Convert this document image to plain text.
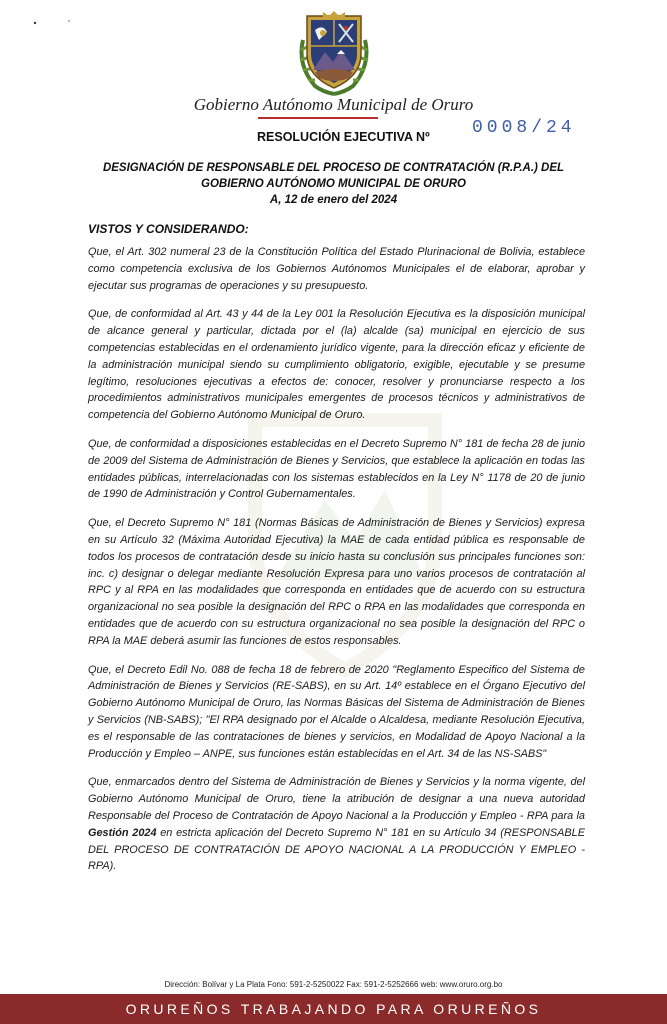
Gobierno Autónomo Municipal de Oruro
RESOLUCIÓN EJECUTIVA Nº 0008/24
DESIGNACIÓN DE RESPONSABLE DEL PROCESO DE CONTRATACIÓN (R.P.A.) DEL
GOBIERNO AUTÓNOMO MUNICIPAL DE ORURO
A, 12 de enero del 2024
VISTOS Y CONSIDERANDO:

Que, el Art. 302 numeral 23 de la Constitución Política del Estado Plurinacional de Bolivia, establece como competencia exclusiva de los Gobiernos Autónomos Municipales el de elaborar, aprobar y ejecutar sus programas de operaciones y su presupuesto.

Que, de conformidad al Art. 43 y 44 de la Ley 001 la Resolución Ejecutiva es la disposición municipal de alcance general y particular, dictada por el (la) alcalde (sa) municipal en ejercicio de sus competencias establecidas en el ordenamiento jurídico vigente, para la dirección eficaz y eficiente de la administración municipal siendo su cumplimiento obligatorio, exigible, ejecutable y se presume legítimo, resoluciones ejecutivas a efectos de: conocer, resolver y pronunciarse respecto a los procedimientos administrativos municipales emergentes de procesos técnicos y administrativos de competencia del Gobierno Autónomo Municipal de Oruro.

Que, de conformidad a disposiciones establecidas en el Decreto Supremo N° 181 de fecha 28 de junio de 2009 del Sistema de Administración de Bienes y Servicios, que establece la aplicación en todas las entidades públicas, interrelacionadas con los sistemas establecidos en la Ley N° 1178 de 20 de junio de 1990 de Administración y Control Gubernamentales.

Que, el Decreto Supremo N° 181 (Normas Básicas de Administración de Bienes y Servicios) expresa en su Artículo 32 (Máxima Autoridad Ejecutiva) la MAE de cada entidad pública es responsable de todos los procesos de contratación desde su inicio hasta su conclusión sus principales funciones son: inc. c) designar o delegar mediante Resolución Expresa para uno varios procesos de contratación al RPC y al RPA en las modalidades que corresponda en entidades que de acuerdo con su estructura organizacional no sea posible la designación del RPC o RPA en las modalidades que corresponda en entidades que de acuerdo con su estructura organizacional no sea posible la designación del RPC o RPA la MAE deberá asumir las funciones de estos responsables.

Que, el Decreto Edil No. 088 de fecha 18 de febrero de 2020 "Reglamento Especifico del Sistema de Administración de Bienes y Servicios (RE-SABS), en su Art. 14º establece en el Órgano Ejecutivo del Gobierno Autónomo Municipal de Oruro, las Normas Básicas del Sistema de Administración de Bienes y Servicios (NB-SABS); "El RPA designado por el Alcalde o Alcaldesa, mediante Resolución Ejecutiva, es el responsable de las contrataciones de bienes y servicios, en Modalidad de Apoyo Nacional a la Producción y Empleo – ANPE, sus funciones están establecidas en el Art. 34 de las NS-SABS"

Que, enmarcados dentro del Sistema de Administración de Bienes y Servicios y la norma vigente, del Gobierno Autónomo Municipal de Oruro, tiene la atribución de designar a una nueva autoridad Responsable del Proceso de Contratación de Apoyo Nacional a la Producción y Empleo - RPA para la Gestión 2024 en estricta aplicación del Decreto Supremo N° 181 en su Artículo 34 (RESPONSABLE DEL PROCESO DE CONTRATACIÓN DE APOYO NACIONAL A LA PRODUCCIÓN Y EMPLEO - RPA).

Dirección: Bolívar y La Plata Fono: 591-2-5250022 Fax: 591-2-5252666 web: www.oruro.org.bo
ORUREÑOS TRABAJANDO PARA ORUREÑOS
